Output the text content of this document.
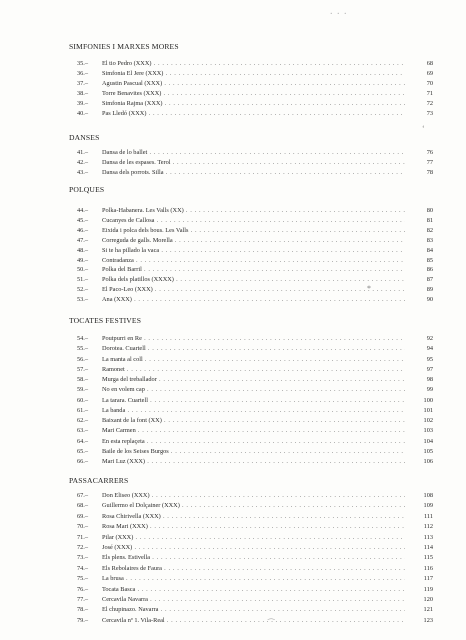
. . .
‘
*
⁀
SIMFONIES I MARXES MORES
35.– El tio Pedro (XXX) . . .	68
36.– Simfonia El Jere (XXX) . . .	69
37.– Agustin Pascual (XXX) . . .	70
38.– Torre Benavites (XXX) . . .	71
39.– Simfonia Rajma (XXX) . . .	72
40.– Pas Lledó (XXX) . . .	73
DANSES
41.– Dansa de lo ballet . . .	76
42.– Dansa de les espases. Terol . . .	77
43.– Dansa dels porrots. Silla . . .	78
POLQUES
44.– Polka-Habanera. Les Valls (XX) . . .	80
45.– Cucanyes de Callosa . . .	81
46.– Eixida i polca dels bous. Les Valls . . .	82
47.– Correguda de galls. Morella . . .	83
48.– Si te ha pillado la vaca . . .	84
49.– Contradanza . . .	85
50.– Polka del Barril . . .	86
51.– Polka dels platillos (XXXX) . . .	87
52.– El Paco-Leo (XXX) . . .	89
53.– Ana (XXX) . . .	90
TOCATES FESTIVES
54.– Poutpurri en Re . . .	92
55.– Dorotea. Cuartell . . .	94
56.– La manta al coll . . .	95
57.– Ramonet . . .	97
58.– Murga del treballador . . .	98
59.– No en volem cap . . .	99
60.– La tarara. Cuartell . . .	100
61.– La banda . . .	101
62.– Baixant de la font (XX) . . .	102
63.– Mari Carmen . . .	103
64.– En esta replaçeta . . .	104
65.– Baile de los Seises Burgos . . .	105
66.– Mari Luz (XXX) . . .	106
PASSACARRERS
67.– Don Eliseo (XXX) . . .	108
68.– Guillermo el Dolçainer (XXX) . . .	109
69.– Rosa Chirivella (XXX) . . .	111
70.– Rosa Mari (XXX) . . .	112
71.– Pilar (XXX) . . .	113
72.– José (XXX) . . .	114
73.– Els plens. Estivella . . .	115
74.– Els Rebolaires de Faura . . .	116
75.– La brusa . . .	117
76.– Tocata Basca . . .	119
77.– Cercavila Navarra . . .	120
78.– El chupinazo. Navarra . . .	121
79.– Cercavila nº 1. Vila-Real . . .	123
